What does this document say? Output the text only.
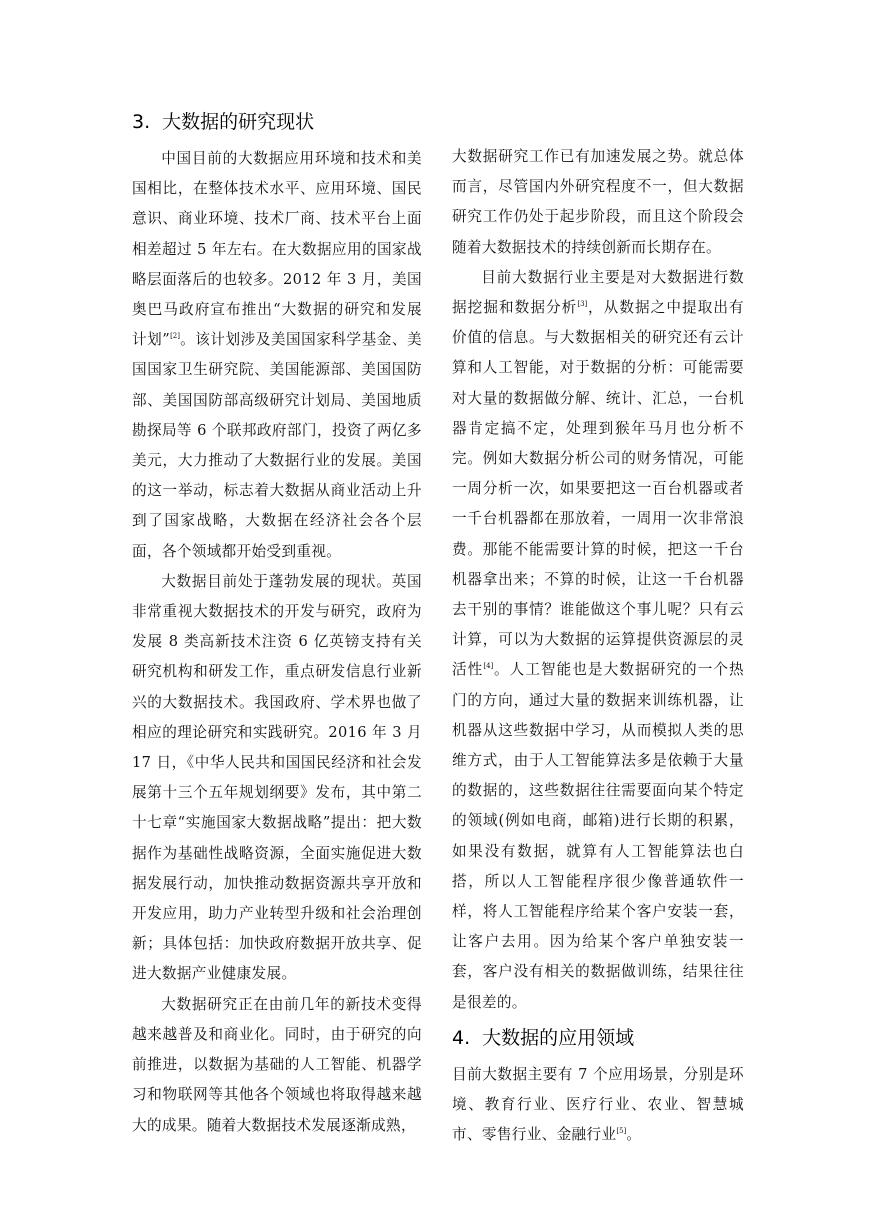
3. 大数据的研究现状

中国目前的大数据应用环境和技术和美国相比，在整体技术水平、应用环境、国民意识、商业环境、技术厂商、技术平台上面相差超过 5 年左右。在大数据应用的国家战略层面落后的也较多。2012 年 3 月，美国奥巴马政府宣布推出“大数据的研究和发展计划”[2]。该计划涉及美国国家科学基金、美国国家卫生研究院、美国能源部、美国国防部、美国国防部高级研究计划局、美国地质勘探局等 6 个联邦政府部门，投资了两亿多美元，大力推动了大数据行业的发展。美国的这一举动，标志着大数据从商业活动上升到了国家战略，大数据在经济社会各个层面，各个领域都开始受到重视。

大数据目前处于蓬勃发展的现状。英国非常重视大数据技术的开发与研究，政府为发展 8 类高新技术注资 6 亿英镑支持有关研究机构和研发工作，重点研发信息行业新兴的大数据技术。我国政府、学术界也做了相应的理论研究和实践研究。2016 年 3 月 17 日，《中华人民共和国国民经济和社会发展第十三个五年规划纲要》发布，其中第二十七章“实施国家大数据战略”提出：把大数据作为基础性战略资源，全面实施促进大数据发展行动，加快推动数据资源共享开放和开发应用，助力产业转型升级和社会治理创新；具体包括：加快政府数据开放共享、促进大数据产业健康发展。

大数据研究正在由前几年的新技术变得越来越普及和商业化。同时，由于研究的向前推进，以数据为基础的人工智能、机器学习和物联网等其他各个领域也将取得越来越大的成果。随着大数据技术发展逐渐成熟，

大数据研究工作已有加速发展之势。就总体而言，尽管国内外研究程度不一，但大数据研究工作仍处于起步阶段，而且这个阶段会随着大数据技术的持续创新而长期存在。

目前大数据行业主要是对大数据进行数据挖掘和数据分析[3]，从数据之中提取出有价值的信息。与大数据相关的研究还有云计算和人工智能，对于数据的分析：可能需要对大量的数据做分解、统计、汇总，一台机器肯定搞不定，处理到猴年马月也分析不完。例如大数据分析公司的财务情况，可能一周分析一次，如果要把这一百台机器或者一千台机器都在那放着，一周用一次非常浪费。那能不能需要计算的时候，把这一千台机器拿出来；不算的时候，让这一千台机器去干别的事情？谁能做这个事儿呢？只有云计算，可以为大数据的运算提供资源层的灵活性[4]。人工智能也是大数据研究的一个热门的方向，通过大量的数据来训练机器，让机器从这些数据中学习，从而模拟人类的思维方式，由于人工智能算法多是依赖于大量的数据的，这些数据往往需要面向某个特定的领域(例如电商，邮箱)进行长期的积累，如果没有数据，就算有人工智能算法也白搭，所以人工智能程序很少像普通软件一样，将人工智能程序给某个客户安装一套，让客户去用。因为给某个客户单独安装一套，客户没有相关的数据做训练，结果往往是很差的。

4. 大数据的应用领域

目前大数据主要有 7 个应用场景，分别是环境、教育行业、医疗行业、农业、智慧城市、零售行业、金融行业[5]。
